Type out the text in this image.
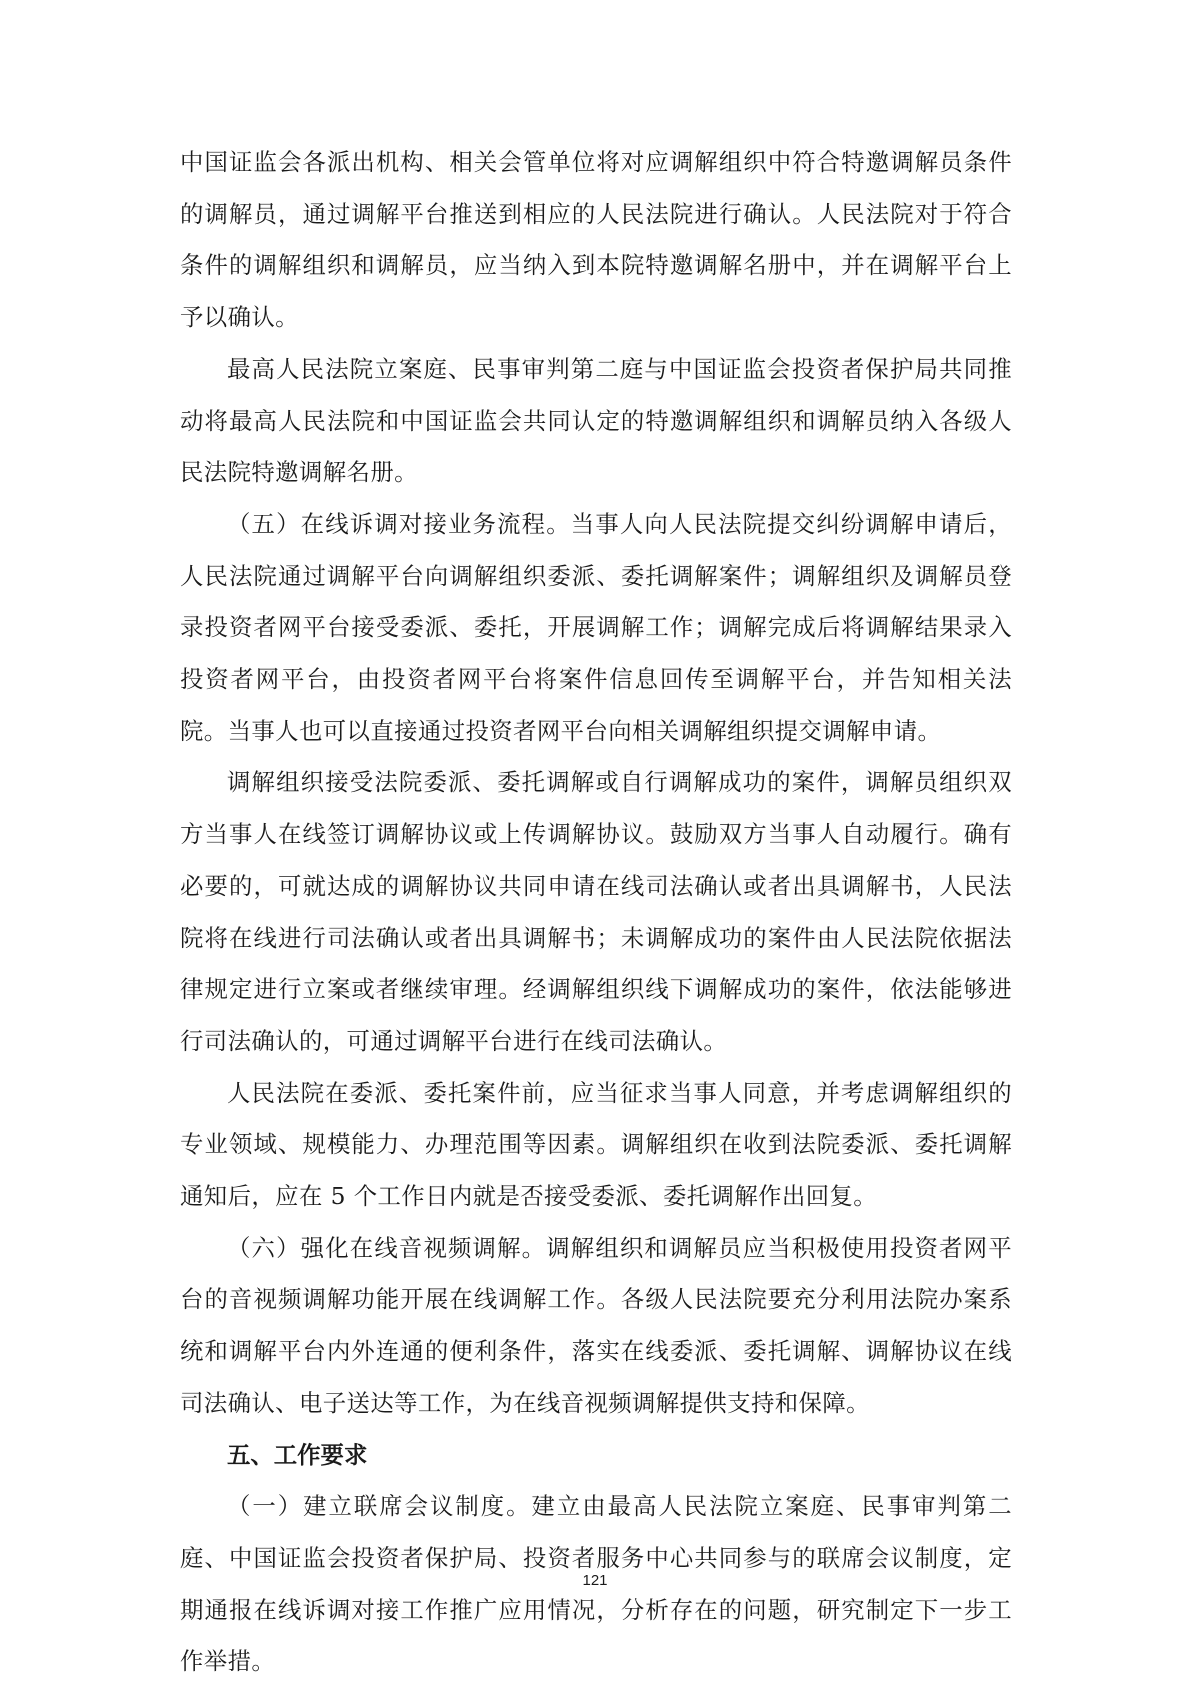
中国证监会各派出机构、相关会管单位将对应调解组织中符合特邀调解员条件的调解员，通过调解平台推送到相应的人民法院进行确认。人民法院对于符合条件的调解组织和调解员，应当纳入到本院特邀调解名册中，并在调解平台上予以确认。

最高人民法院立案庭、民事审判第二庭与中国证监会投资者保护局共同推动将最高人民法院和中国证监会共同认定的特邀调解组织和调解员纳入各级人民法院特邀调解名册。

（五）在线诉调对接业务流程。当事人向人民法院提交纠纷调解申请后，人民法院通过调解平台向调解组织委派、委托调解案件；调解组织及调解员登录投资者网平台接受委派、委托，开展调解工作；调解完成后将调解结果录入投资者网平台，由投资者网平台将案件信息回传至调解平台，并告知相关法院。当事人也可以直接通过投资者网平台向相关调解组织提交调解申请。

调解组织接受法院委派、委托调解或自行调解成功的案件，调解员组织双方当事人在线签订调解协议或上传调解协议。鼓励双方当事人自动履行。确有必要的，可就达成的调解协议共同申请在线司法确认或者出具调解书，人民法院将在线进行司法确认或者出具调解书；未调解成功的案件由人民法院依据法律规定进行立案或者继续审理。经调解组织线下调解成功的案件，依法能够进行司法确认的，可通过调解平台进行在线司法确认。

人民法院在委派、委托案件前，应当征求当事人同意，并考虑调解组织的专业领域、规模能力、办理范围等因素。调解组织在收到法院委派、委托调解通知后，应在 5 个工作日内就是否接受委派、委托调解作出回复。

（六）强化在线音视频调解。调解组织和调解员应当积极使用投资者网平台的音视频调解功能开展在线调解工作。各级人民法院要充分利用法院办案系统和调解平台内外连通的便利条件，落实在线委派、委托调解、调解协议在线司法确认、电子送达等工作，为在线音视频调解提供支持和保障。

五、工作要求

（一）建立联席会议制度。建立由最高人民法院立案庭、民事审判第二庭、中国证监会投资者保护局、投资者服务中心共同参与的联席会议制度，定期通报在线诉调对接工作推广应用情况，分析存在的问题，研究制定下一步工作举措。

121
